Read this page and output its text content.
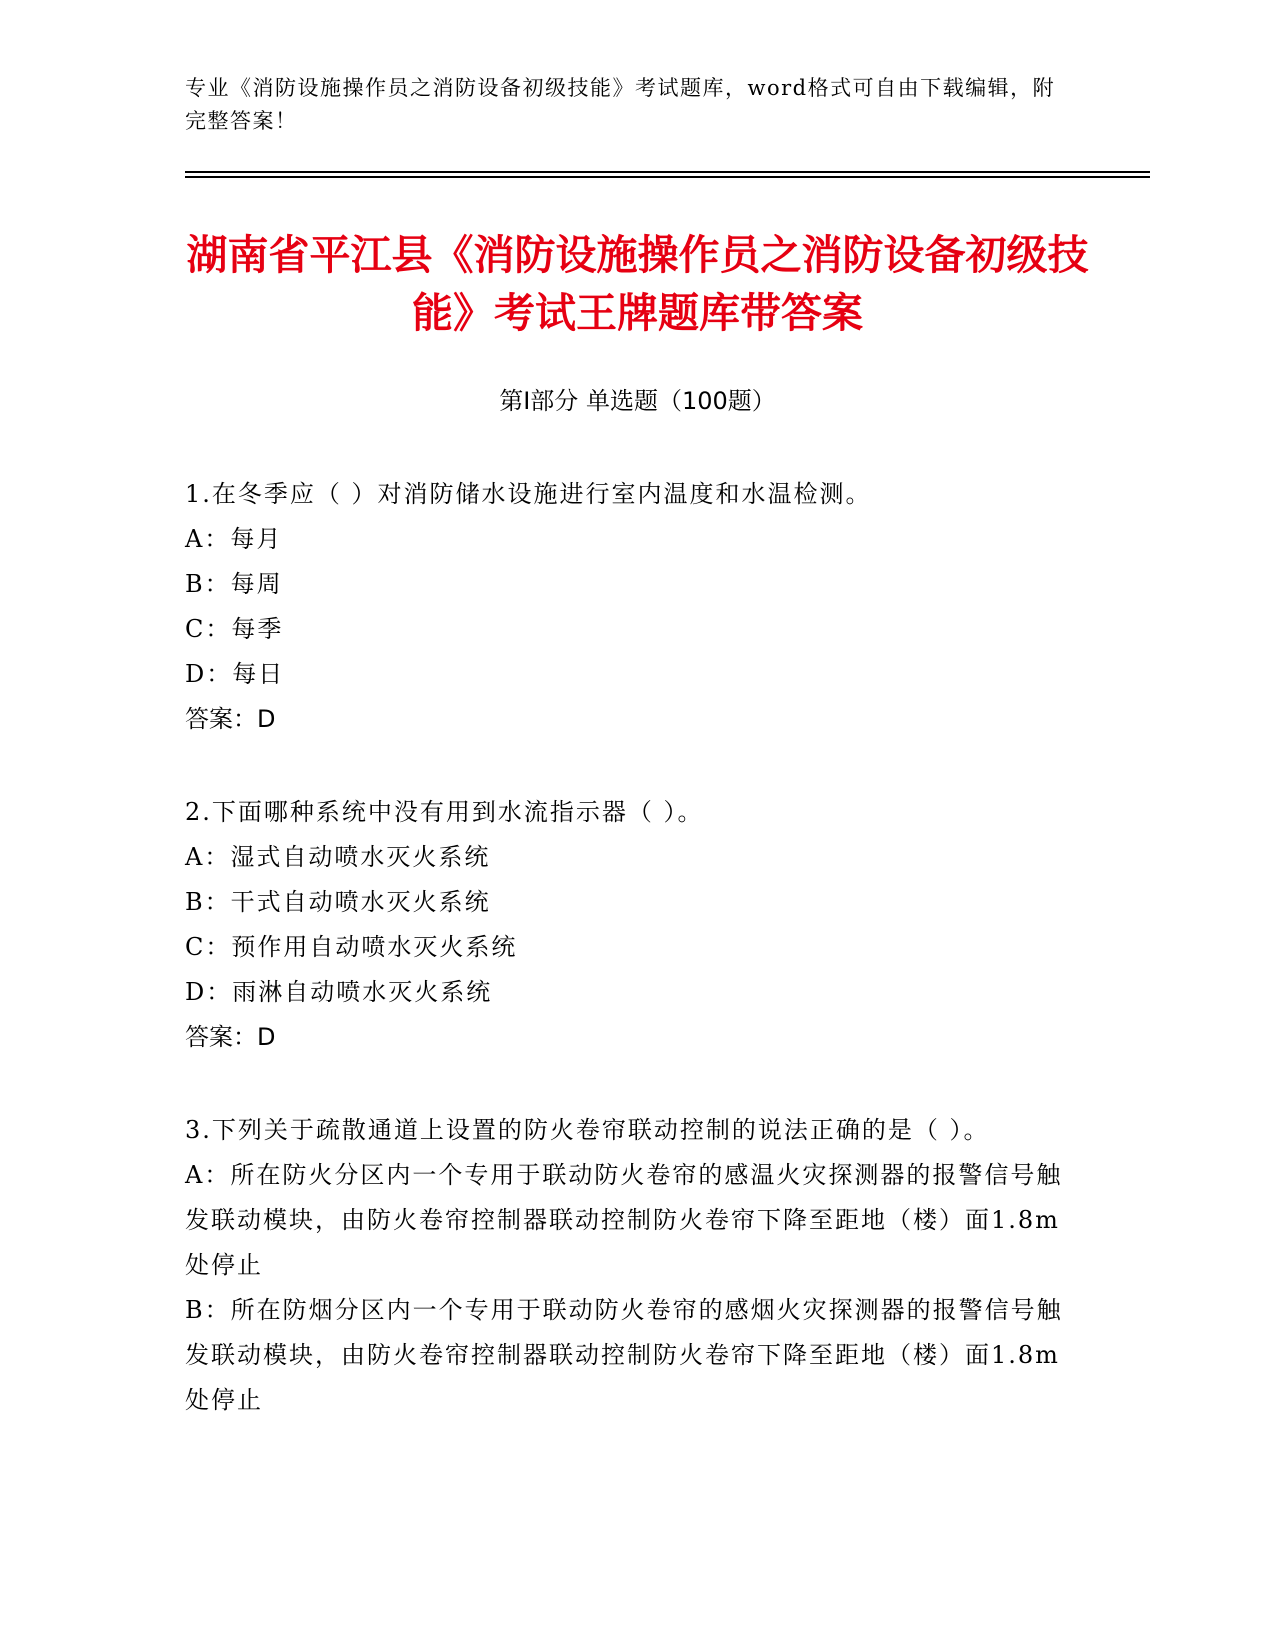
专业《消防设施操作员之消防设备初级技能》考试题库，word格式可自由下载编辑，附完整答案！
湖南省平江县《消防设施操作员之消防设备初级技能》考试王牌题库带答案
第Ⅰ部分 单选题（100题）
1.在冬季应（ ）对消防储水设施进行室内温度和水温检测。
A：每月
B：每周
C：每季
D：每日
答案：D
2.下面哪种系统中没有用到水流指示器（ ）。
A：湿式自动喷水灭火系统
B：干式自动喷水灭火系统
C：预作用自动喷水灭火系统
D：雨淋自动喷水灭火系统
答案：D
3.下列关于疏散通道上设置的防火卷帘联动控制的说法正确的是（ ）。
A：所在防火分区内一个专用于联动防火卷帘的感温火灾探测器的报警信号触发联动模块，由防火卷帘控制器联动控制防火卷帘下降至距地（楼）面1.8m处停止
B：所在防烟分区内一个专用于联动防火卷帘的感烟火灾探测器的报警信号触发联动模块，由防火卷帘控制器联动控制防火卷帘下降至距地（楼）面1.8m处停止
